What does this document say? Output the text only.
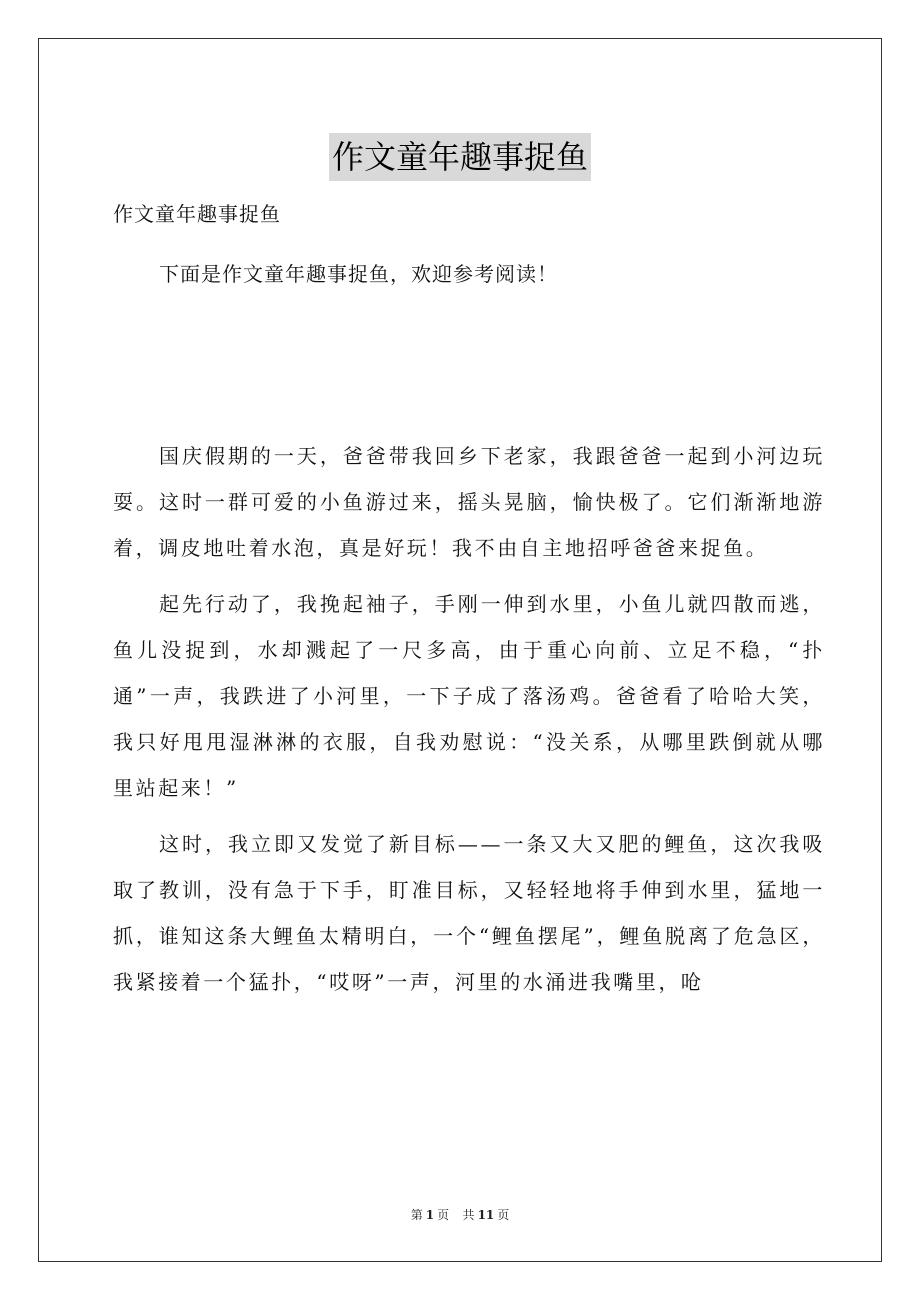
作文童年趣事捉鱼
作文童年趣事捉鱼
下面是作文童年趣事捉鱼，欢迎参考阅读！

国庆假期的一天，爸爸带我回乡下老家，我跟爸爸一起到小河边玩耍。这时一群可爱的小鱼游过来，摇头晃脑，愉快极了。它们渐渐地游着，调皮地吐着水泡，真是好玩！我不由自主地招呼爸爸来捉鱼。

起先行动了，我挽起袖子，手刚一伸到水里，小鱼儿就四散而逃，鱼儿没捉到，水却溅起了一尺多高，由于重心向前、立足不稳，“扑通”一声，我跌进了小河里，一下子成了落汤鸡。爸爸看了哈哈大笑，我只好甩甩湿淋淋的衣服，自我劝慰说：“没关系，从哪里跌倒就从哪里站起来！”

这时，我立即又发觉了新目标——一条又大又肥的鲤鱼，这次我吸取了教训，没有急于下手，盯准目标，又轻轻地将手伸到水里，猛地一抓，谁知这条大鲤鱼太精明白，一个“鲤鱼摆尾”，鲤鱼脱离了危急区，我紧接着一个猛扑，“哎呀”一声，河里的水涌进我嘴里，呛

第 1 页 共 11 页
